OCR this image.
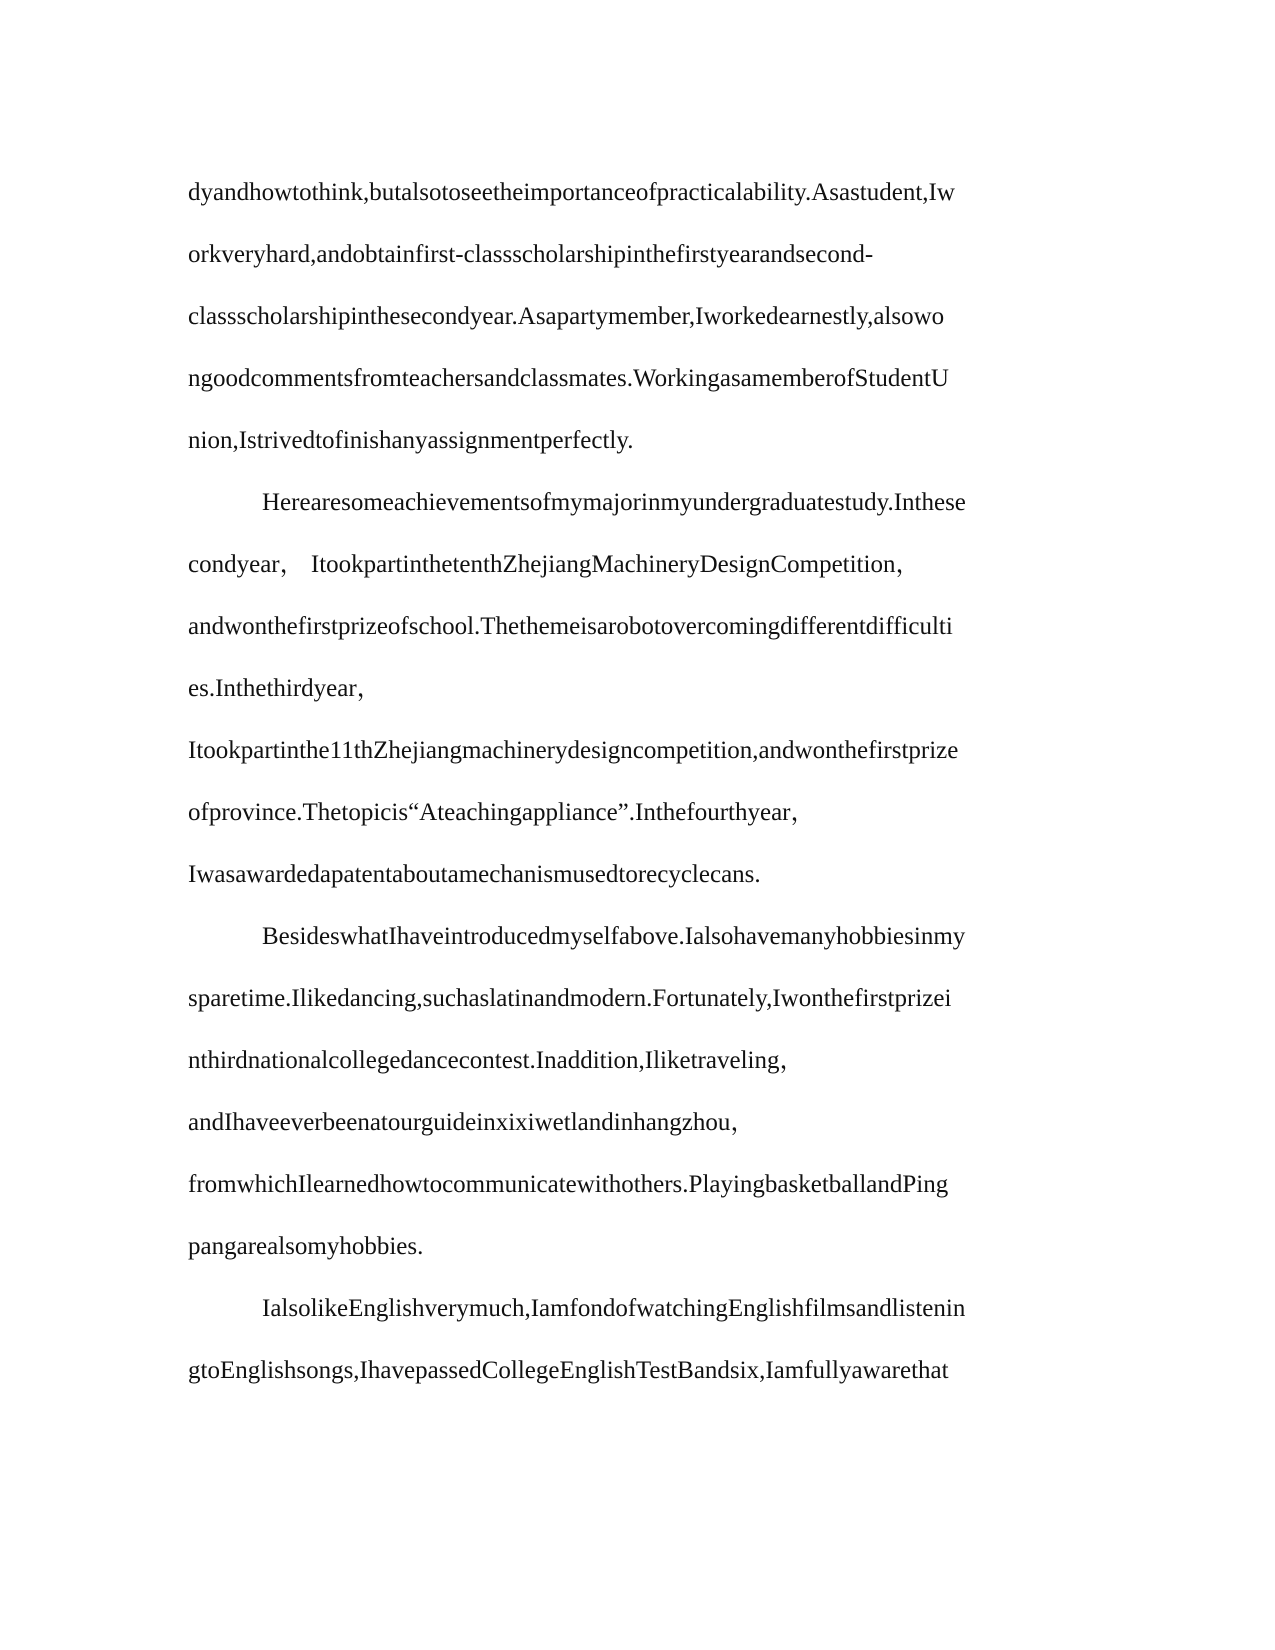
dyandhowtothink,butalsotoseetheimportanceofpracticalability.Asastudent,Iw
orkveryhard,andobtainfirst-classscholarshipinthefirstyearandsecond-
classscholarshipinthesecondyear.Asapartymember,Iworkedearnestly,alsowo
ngoodcommentsfromteachersandclassmates.WorkingasamemberofStudentU
nion,Istrivedtofinishanyassignmentperfectly.
Herearesomeachievementsofmymajorinmyundergraduatestudy.Inthese
condyear， ItookpartinthetenthZhejiangMachineryDesignCompetition，
andwonthefirstprizeofschool.Thethemeisarobotovercomingdifferentdifficulti
es.Inthethirdyear，
Itookpartinthe11thZhejiangmachinerydesigncompetition,andwonthefirstprize
ofprovince.Thetopicis“Ateachingappliance”.Inthefourthyear，
Iwasawardedapatentaboutamechanismusedtorecyclecans.
BesideswhatIhaveintroducedmyselfabove.Ialsohavemanyhobbiesinmy
sparetime.Ilikedancing,suchaslatinandmodern.Fortunately,Iwonthefirstprizei
nthirdnationalcollegedancecontest.Inaddition,Iliketraveling，
andIhaveeverbeenatourguideinxixiwetlandinhangzhou，
fromwhichIlearnedhowtocommunicatewithothers.PlayingbasketballandPing
pangarealsomyhobbies.
IalsolikeEnglishverymuch,IamfondofwatchingEnglishfilmsandlistenin
gtoEnglishsongs,IhavepassedCollegeEnglishTestBandsix,Iamfullyawarethat
